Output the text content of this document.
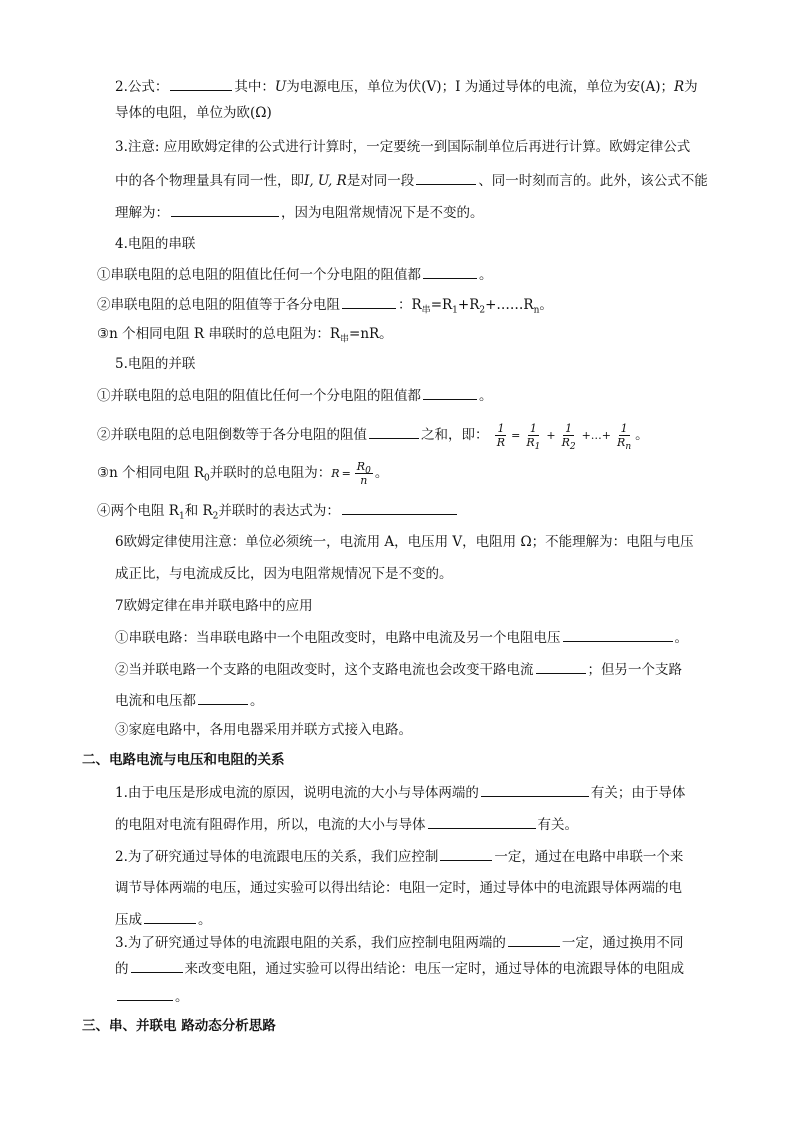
2.公式：	其中：U为电源电压，单位为伏(V)；I 为通过导体的电流，单位为安(A)；R为
导体的电阻，单位为欧(Ω)
3.注意: 应用欧姆定律的公式进行计算时，一定要统一到国际制单位后再进行计算。欧姆定律公式
中的各个物理量具有同一性，即I, U, R是对同一段	、同一时刻而言的。此外，该公式不能
理解为：	，因为电阻常规情况下是不变的。
4.电阻的串联
①串联电阻的总电阻的阻值比任何一个分电阻的阻值都	。
②串联电阻的总电阻的阻值等于各分电阻	：$R_串=R_1+R_2+\dots\dots R_n$。
③n 个相同电阻 R 串联时的总电阻为：$R_串=nR$。
5.电阻的并联
①并联电阻的总电阻的阻值比任何一个分电阻的阻值都	。
②并联电阻的总电阻倒数等于各分电阻的阻值	之和，即： $\frac{1}{R} = \frac{1}{R_1} + \frac{1}{R_2}$ +…+ $\frac{1}{R_n}$ 。
③n 个相同电阻 $R_0$并联时的总电阻为：$R = \frac{R_0}{n}$ 。
④两个电阻 $R_1$和 $R_2$并联时的表达式为：
6欧姆定律使用注意：单位必须统一，电流用 A，电压用 V，电阻用 Ω；不能理解为：电阻与电压
成正比，与电流成反比，因为电阻常规情况下是不变的。
7欧姆定律在串并联电路中的应用
①串联电路：当串联电路中一个电阻改变时，电路中电流及另一个电阻电压	。
②当并联电路一个支路的电阻改变时，这个支路电流也会改变干路电流	；但另一个支路
电流和电压都	。
③家庭电路中，各用电器采用并联方式接入电路。
二、电路电流与电压和电阻的关系
1.由于电压是形成电流的原因，说明电流的大小与导体两端的	有关；由于导体
的电阻对电流有阻碍作用，所以，电流的大小与导体	有关。
2.为了研究通过导体的电流跟电压的关系，我们应控制	一定，通过在电路中串联一个来
调节导体两端的电压，通过实验可以得出结论：电阻一定时，通过导体中的电流跟导体两端的电
压成	。
3.为了研究通过导体的电流跟电阻的关系，我们应控制电阻两端的	一定，通过换用不同
的	来改变电阻，通过实验可以得出结论：电压一定时，通过导体的电流跟导体的电阻成
。
三、串、并联电 路动态分析思路
